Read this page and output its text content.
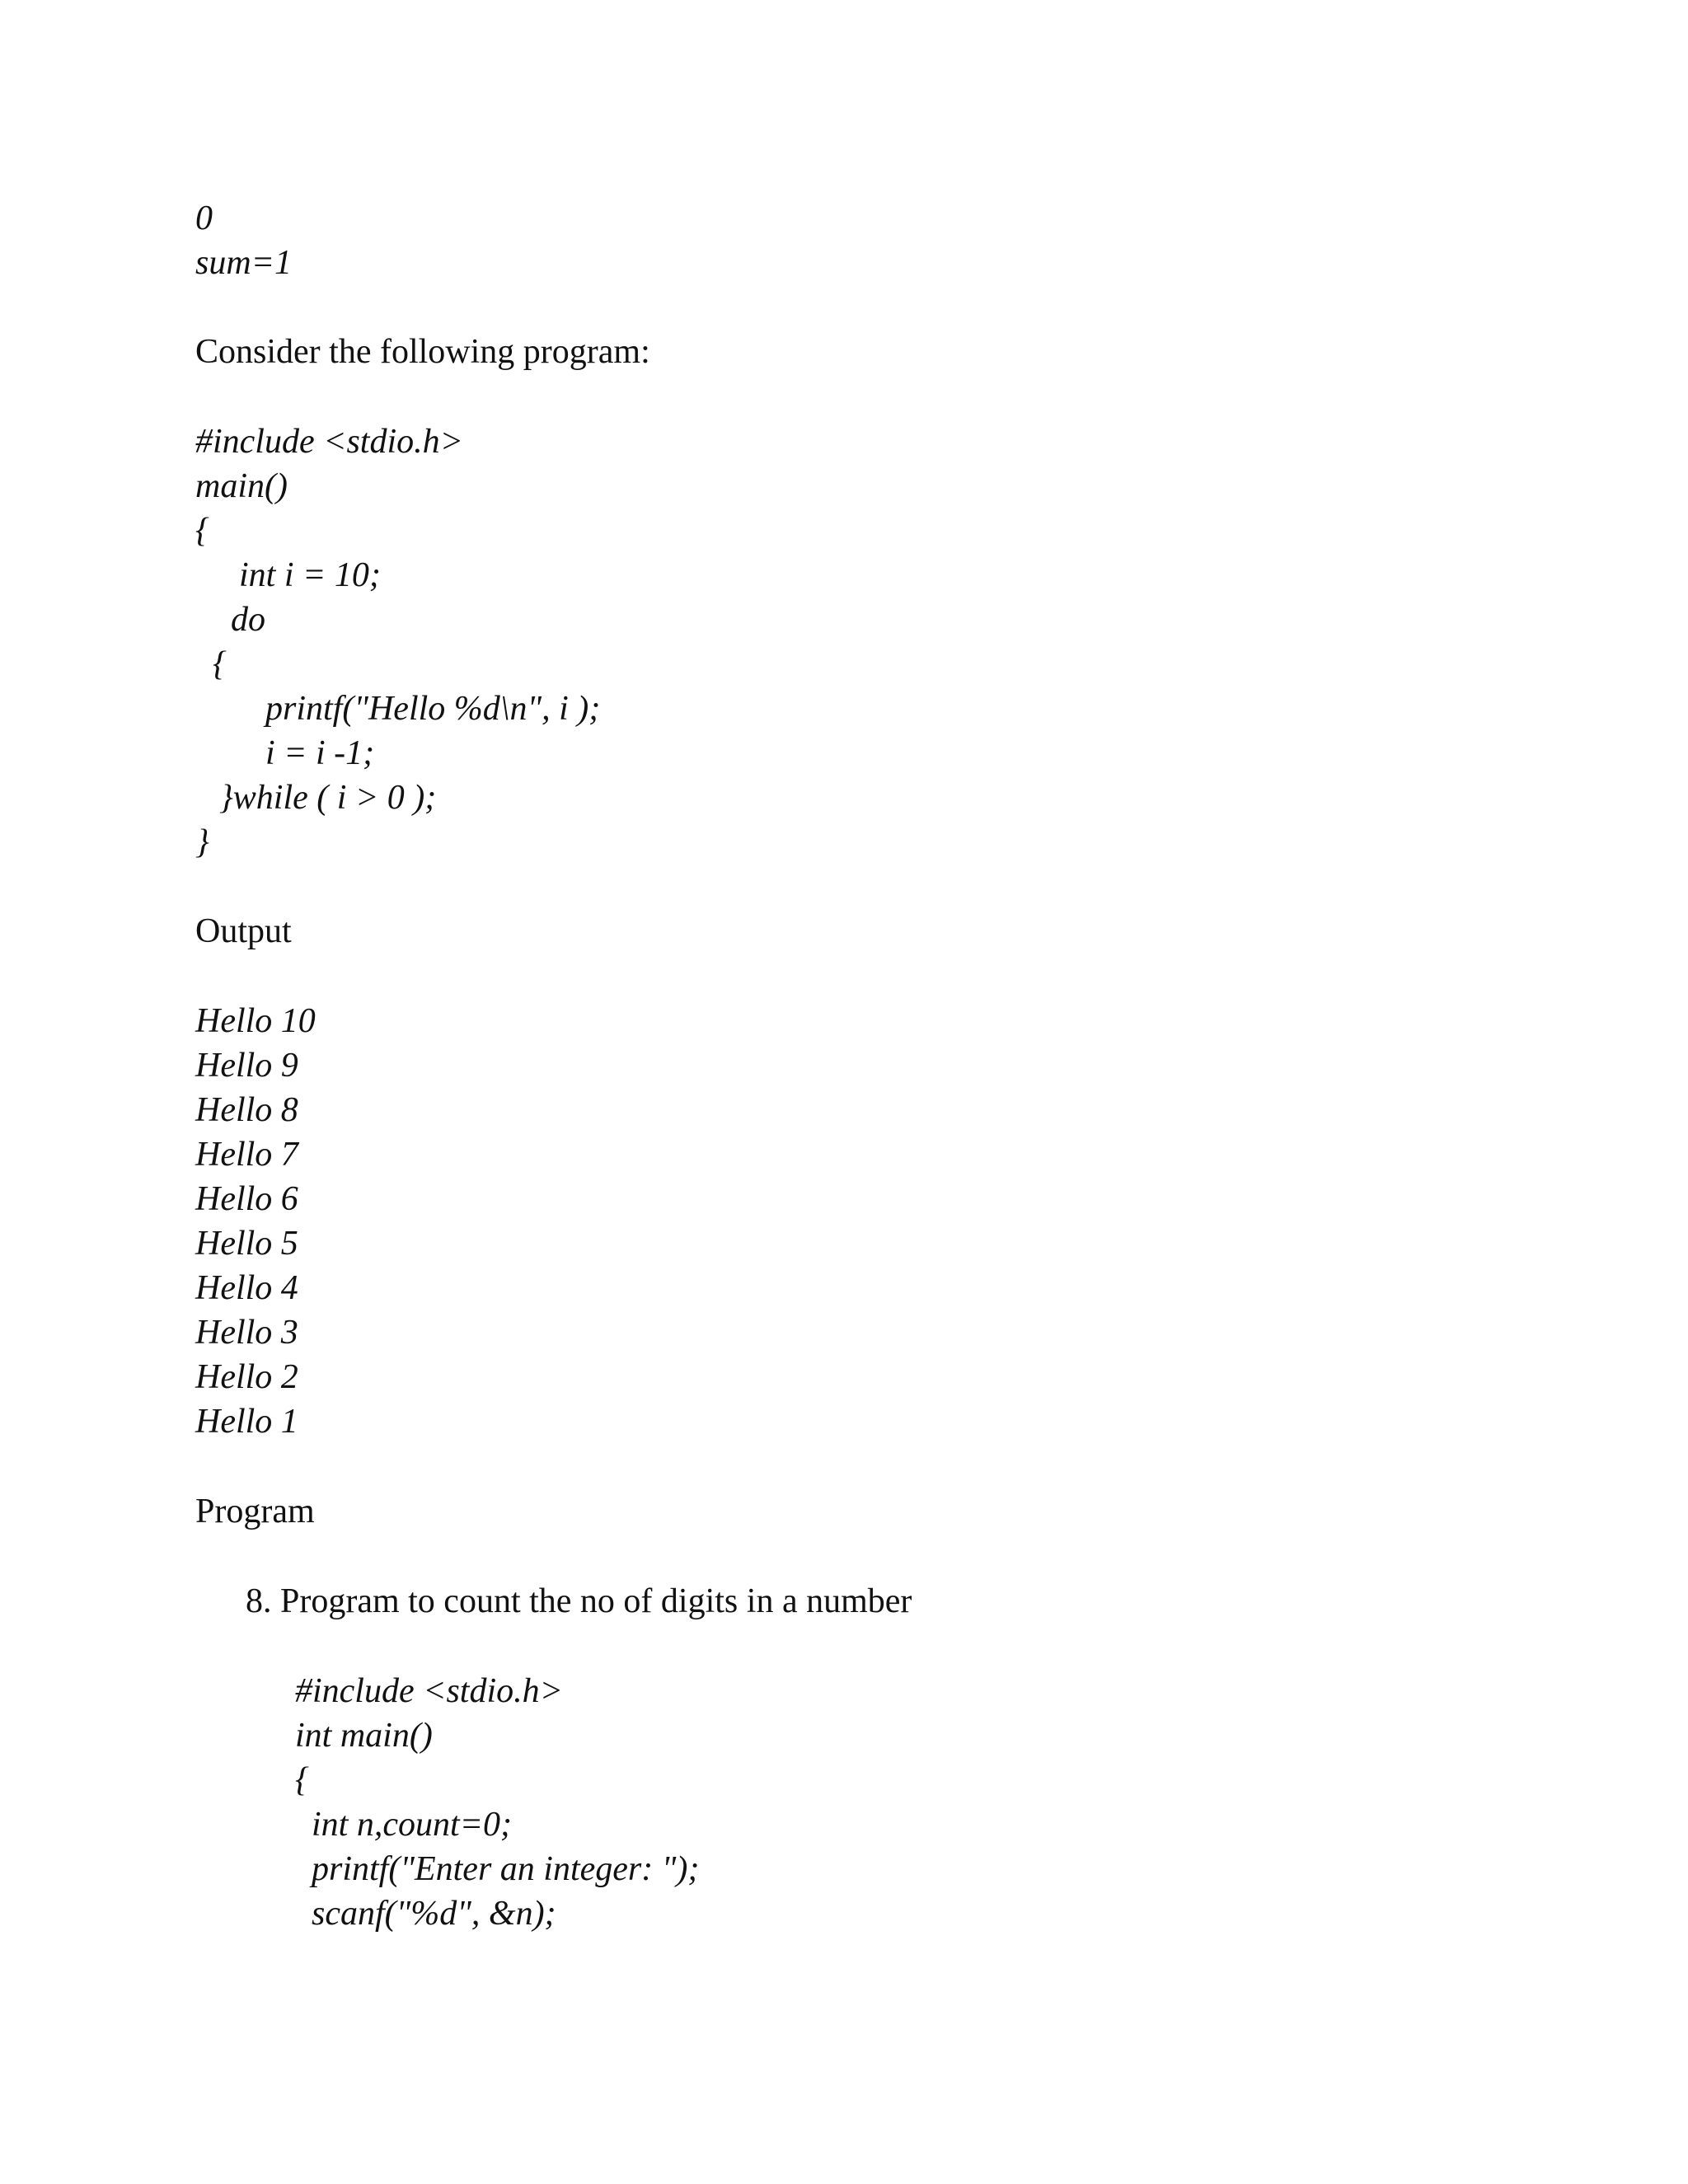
0
sum=1
Consider the following program:
#include <stdio.h>
main()
{
int i = 10;
do
{
printf("Hello %d\n", i );
i = i -1;
}while ( i > 0 );
}
Output
Hello 10
Hello 9
Hello 8
Hello 7
Hello 6
Hello 5
Hello 4
Hello 3
Hello 2
Hello 1
Program
8. Program to count the no of digits in a number
#include <stdio.h>
int main()
{
int n,count=0;
printf("Enter an integer: ");
scanf("%d", &n);
